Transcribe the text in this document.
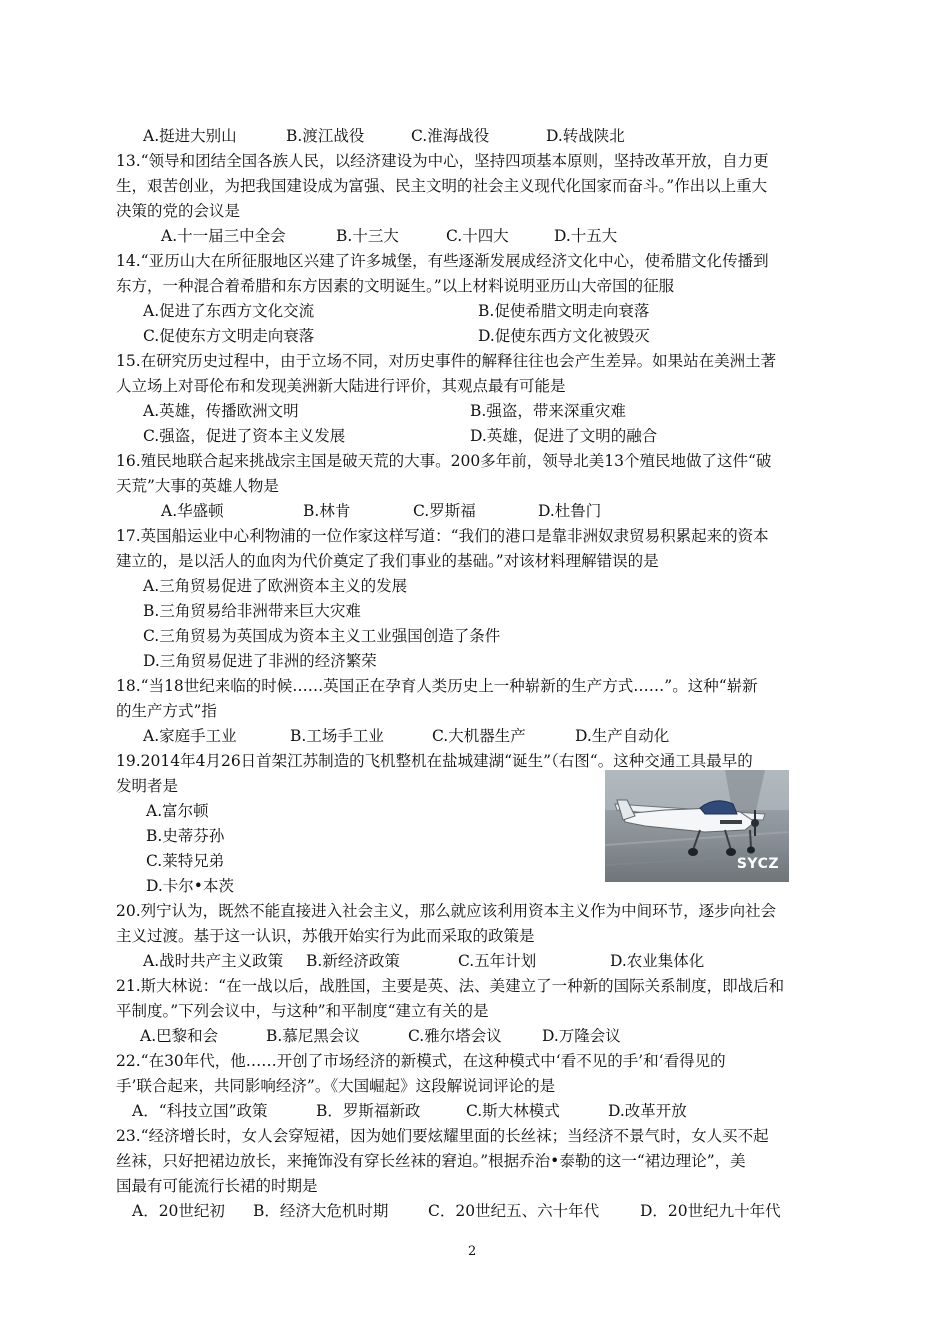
A.挺进大别山	B.渡江战役	C.淮海战役	D.转战陕北
13.“领导和团结全国各族人民，以经济建设为中心，坚持四项基本原则，坚持改革开放，自力更
生，艰苦创业，为把我国建设成为富强、民主文明的社会主义现代化国家而奋斗。”作出以上重大
决策的党的会议是
A.十一届三中全会	B.十三大	C.十四大	D.十五大
14.“亚历山大在所征服地区兴建了许多城堡，有些逐渐发展成经济文化中心，使希腊文化传播到
东方，一种混合着希腊和东方因素的文明诞生。”以上材料说明亚历山大帝国的征服
A.促进了东西方文化交流	B.促使希腊文明走向衰落
C.促使东方文明走向衰落	D.促使东西方文化被毁灭
15.在研究历史过程中，由于立场不同，对历史事件的解释往往也会产生差异。如果站在美洲土著
人立场上对哥伦布和发现美洲新大陆进行评价，其观点最有可能是
A.英雄，传播欧洲文明	B.强盗，带来深重灾难
C.强盗，促进了资本主义发展	D.英雄，促进了文明的融合
16.殖民地联合起来挑战宗主国是破天荒的大事。200多年前，领导北美13个殖民地做了这件“破
天荒”大事的英雄人物是
A.华盛顿	B.林肯	C.罗斯福	D.杜鲁门
17.英国船运业中心利物浦的一位作家这样写道：“我们的港口是靠非洲奴隶贸易积累起来的资本
建立的，是以活人的血肉为代价奠定了我们事业的基础。”对该材料理解错误的是
A.三角贸易促进了欧洲资本主义的发展
B.三角贸易给非洲带来巨大灾难
C.三角贸易为英国成为资本主义工业强国创造了条件
D.三角贸易促进了非洲的经济繁荣
18.“当18世纪来临的时候……英国正在孕育人类历史上一种崭新的生产方式……”。这种“崭新
的生产方式”指
A.家庭手工业	B.工场手工业	C.大机器生产	D.生产自动化
19.2014年4月26日首架江苏制造的飞机整机在盐城建湖“诞生”（右图“。这种交通工具最早的
发明者是
A.富尔顿
B.史蒂芬孙
C.莱特兄弟
D.卡尔•本茨
SYCZ
20.列宁认为，既然不能直接进入社会主义，那么就应该利用资本主义作为中间环节，逐步向社会
主义过渡。基于这一认识，苏俄开始实行为此而采取的政策是
A.战时共产主义政策 B.新经济政策	C.五年计划	D.农业集体化
21.斯大林说：“在一战以后，战胜国，主要是英、法、美建立了一种新的国际关系制度，即战后和
平制度。”下列会议中，与这种”和平制度“建立有关的是
A.巴黎和会	B.慕尼黑会议	C.雅尔塔会议	D.万隆会议
22.“在30年代，他……开创了市场经济的新模式，在这种模式中‘看不见的手’和‘看得见的
手’联合起来，共同影响经济”。《大国崛起》这段解说词评论的是
A．“科技立国”政策	B．罗斯福新政	C.斯大林模式	D.改革开放
23.“经济增长时，女人会穿短裙，因为她们要炫耀里面的长丝袜；当经济不景气时，女人买不起
丝袜，只好把裙边放长，来掩饰没有穿长丝袜的窘迫。”根据乔治•泰勒的这一“裙边理论”，美
国最有可能流行长裙的时期是
A．20世纪初 B．经济大危机时期	C．20世纪五、六十年代	D．20世纪九十年代
2
